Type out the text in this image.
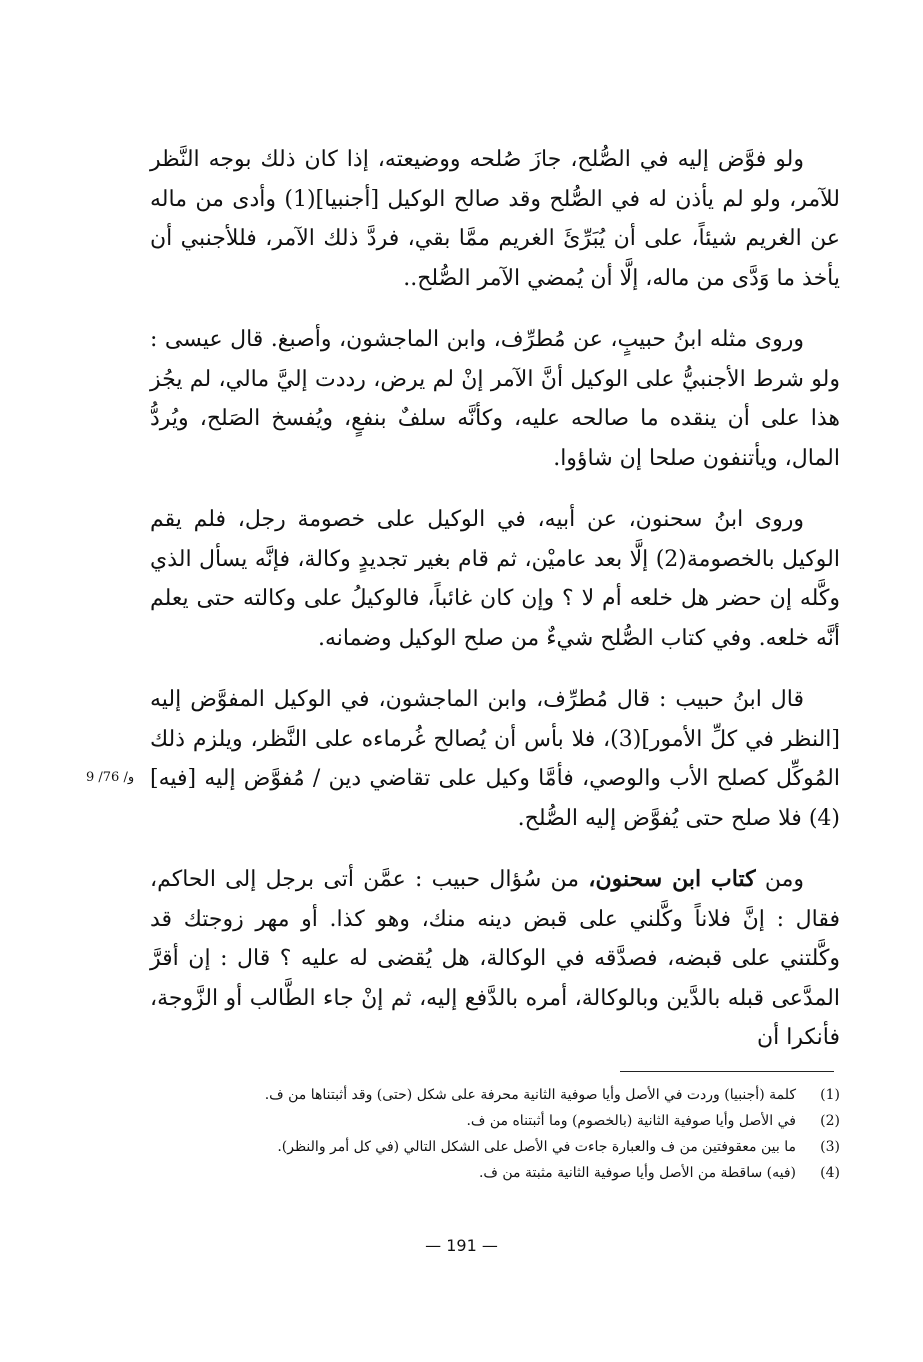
ولو فوَّض إليه في الصُّلح، جازَ صُلحه ووضيعته، إذا كان ذلك بوجه النَّظر للآمر، ولو لم يأذن له في الصُّلح وقد صالح الوكيل [أجنبيا](1) وأدى من ماله عن الغريم شيئاً، على أن يُبَرِّئَ الغريم ممَّا بقي، فردَّ ذلك الآمر، فللأجنبي أن يأخذ ما وَدَّى من ماله، إلَّا أن يُمضي الآمر الصُّلح..

وروى مثله ابنُ حبيبٍ، عن مُطرِّف، وابن الماجشون، وأصبغ. قال عيسى : ولو شرط الأجنبيُّ على الوكيل أنَّ الآمر إنْ لم يرض، رددت إليَّ مالي، لم يجُز هذا على أن ينقده ما صالحه عليه، وكأنَّه سلفٌ بنفعٍ، ويُفسخ الصَلح، ويُردُّ المال، ويأتنفون صلحا إن شاؤوا.

وروى ابنُ سحنون، عن أبيه، في الوكيل على خصومة رجل، فلم يقم الوكيل بالخصومة(2) إلَّا بعد عاميْن، ثم قام بغير تجديدٍ وكالة، فإنَّه يسأل الذي وكَّله إن حضر هل خلعه أم لا ؟ وإن كان غائباً، فالوكيلُ على وكالته حتى يعلم أنَّه خلعه. وفي كتاب الصُّلح شيءٌ من صلح الوكيل وضمانه.

قال ابنُ حبيب : قال مُطرِّف، وابن الماجشون، في الوكيل المفوَّض إليه [النظر في كلِّ الأمور](3)، فلا بأس أن يُصالح غُرماءه على النَّظر، ويلزم ذلك المُوكِّل كصلح الأب والوصي، فأمَّا وكيل على تقاضي دين / مُفوَّض إليه [فيه](4) فلا صلح حتى يُفوَّض إليه الصُّلح.

ومن كتاب ابن سحنون، من سُؤال حبيب : عمَّن أتى برجل إلى الحاكم، فقال : إنَّ فلاناً وكَّلني على قبض دينه منك، وهو كذا. أو مهر زوجتك قد وكَّلتني على قبضه، فصدَّقه في الوكالة، هل يُقضى له عليه ؟ قال : إن أقرَّ المدَّعى قبله بالدَّين وبالوكالة، أمره بالدَّفع إليه، ثم إنْ جاء الطَّالب أو الزَّوجة، فأنكرا أن

9 /76 /و
(1)
كلمة (أجنبيا) وردت في الأصل وأيا صوفية الثانية محرفة على شكل (حتى) وقد أثبتناها من ف.
(2)
في الأصل وأيا صوفية الثانية (بالخصوم) وما أثبتناه من ف.
(3)
ما بين معقوفتين من ف والعبارة جاءت في الأصل على الشكل التالي (في كل أمر والنظر).
(4)
(فيه) ساقطة من الأصل وأيا صوفية الثانية مثبتة من ف.
— 191 —
